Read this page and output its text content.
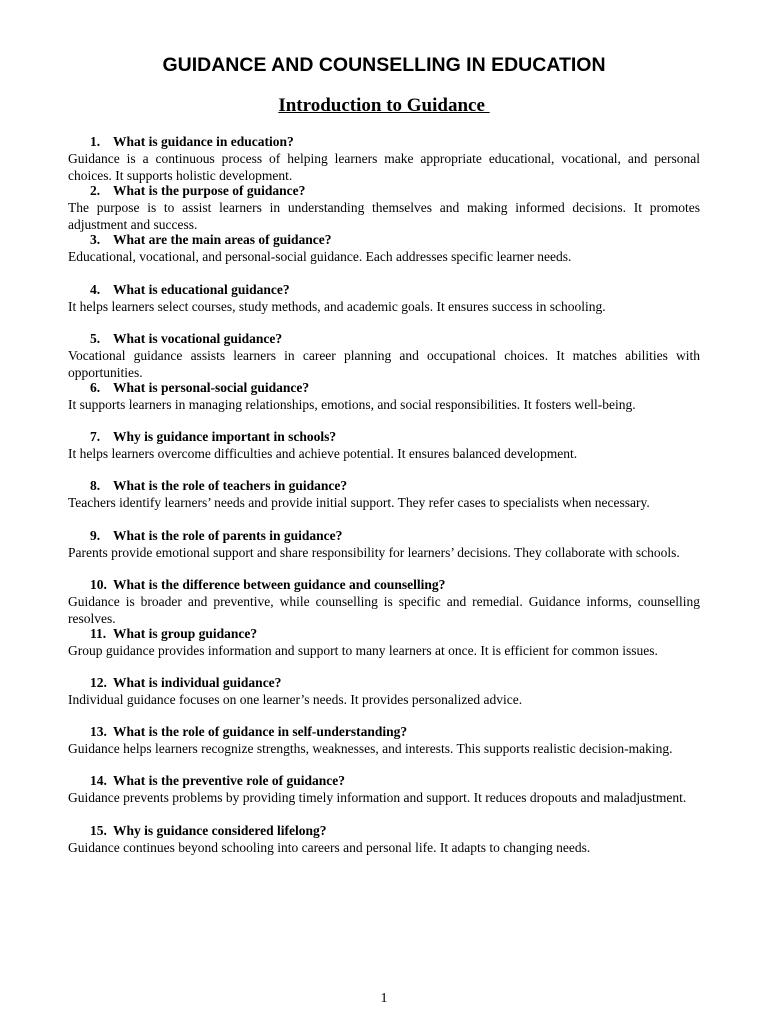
GUIDANCE AND COUNSELLING IN EDUCATION
Introduction to Guidance
1. What is guidance in education?
Guidance is a continuous process of helping learners make appropriate educational, vocational, and personal choices. It supports holistic development.
2. What is the purpose of guidance?
The purpose is to assist learners in understanding themselves and making informed decisions. It promotes adjustment and success.
3. What are the main areas of guidance?
Educational, vocational, and personal-social guidance. Each addresses specific learner needs.
4. What is educational guidance?
It helps learners select courses, study methods, and academic goals. It ensures success in schooling.
5. What is vocational guidance?
Vocational guidance assists learners in career planning and occupational choices. It matches abilities with opportunities.
6. What is personal-social guidance?
It supports learners in managing relationships, emotions, and social responsibilities. It fosters well-being.
7. Why is guidance important in schools?
It helps learners overcome difficulties and achieve potential. It ensures balanced development.
8. What is the role of teachers in guidance?
Teachers identify learners’ needs and provide initial support. They refer cases to specialists when necessary.
9. What is the role of parents in guidance?
Parents provide emotional support and share responsibility for learners’ decisions. They collaborate with schools.
10. What is the difference between guidance and counselling?
Guidance is broader and preventive, while counselling is specific and remedial. Guidance informs, counselling resolves.
11. What is group guidance?
Group guidance provides information and support to many learners at once. It is efficient for common issues.
12. What is individual guidance?
Individual guidance focuses on one learner’s needs. It provides personalized advice.
13. What is the role of guidance in self-understanding?
Guidance helps learners recognize strengths, weaknesses, and interests. This supports realistic decision-making.
14. What is the preventive role of guidance?
Guidance prevents problems by providing timely information and support. It reduces dropouts and maladjustment.
15. Why is guidance considered lifelong?
Guidance continues beyond schooling into careers and personal life. It adapts to changing needs.
1
